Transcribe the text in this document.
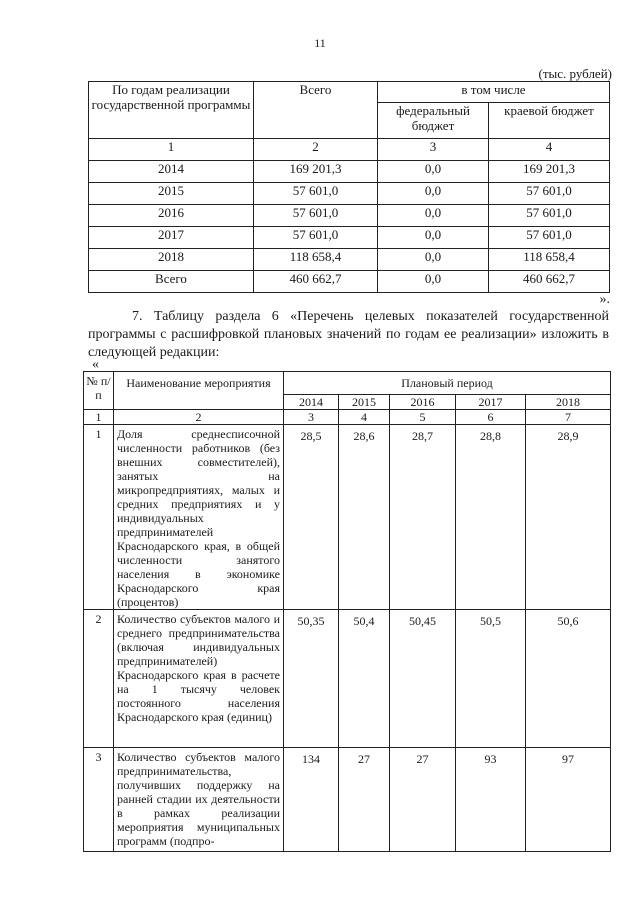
11
(тыс. рублей)
По годам реализации государственной программы	Всего	в том числе	
		федеральный бюджет	краевой бюджет
1	2	3	4
2014	169 201,3	0,0	169 201,3
2015	57 601,0	0,0	57 601,0
2016	57 601,0	0,0	57 601,0
2017	57 601,0	0,0	57 601,0
2018	118 658,4	0,0	118 658,4
Всего	460 662,7	0,0	460 662,7
».
7. Таблицу раздела 6 «Перечень целевых показателей государственной программы с расшифровкой плановых значений по годам ее реализации» изложить в следующей редакции:
«
№ п/п	Наименование мероприятия	Плановый период				
		2014	2015	2016	2017	2018
1	2	3	4	5	6	7
1	Доля среднесписочной численности работников (без внешних совместителей), занятых на микропредприятиях, малых и средних предприятиях и у индивидуальных предпринимателей Краснодарского края, в общей численности занятого населения в экономике Краснодарского края (процентов)	28,5	28,6	28,7	28,8	28,9
2	Количество субъектов малого и среднего предпринимательства (включая индивидуальных предпринимателей) Краснодарского края в расчете на 1 тысячу человек постоянного населения Краснодарского края (единиц)	50,35	50,4	50,45	50,5	50,6
3	Количество субъектов малого предпринимательства, получивших поддержку на ранней стадии их деятельности в рамках реализации мероприятия муниципальных программ (подпро-	134	27	27	93	97
